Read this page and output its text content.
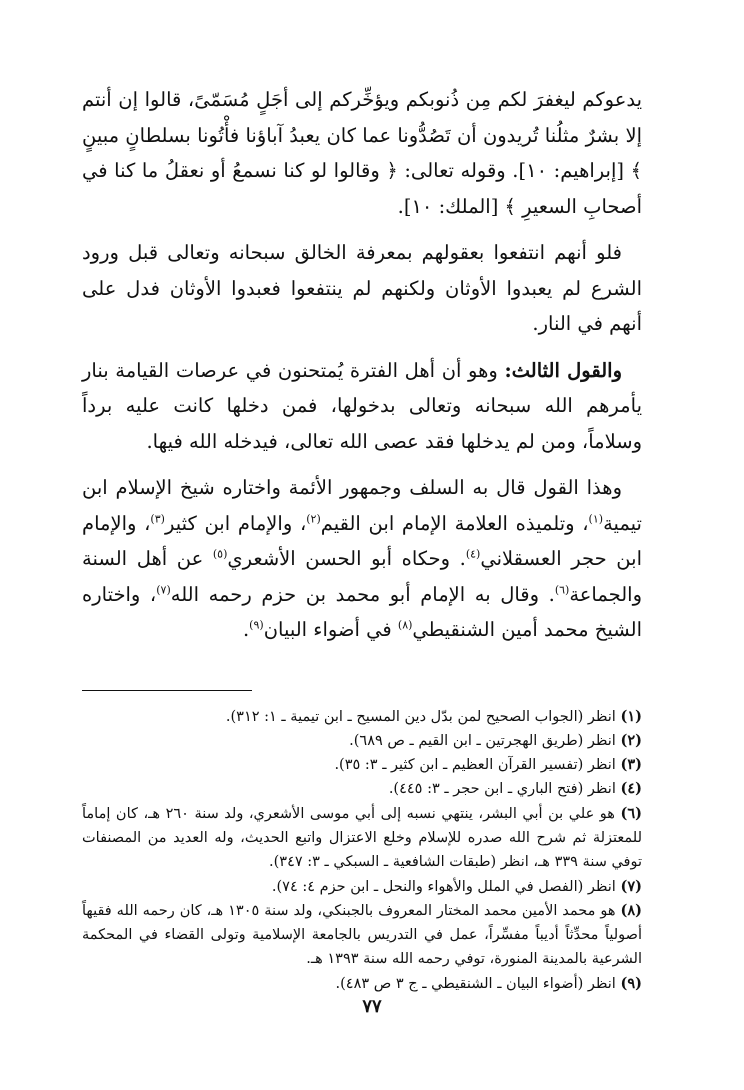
يدعوكم ليغفرَ لكم مِن ذُنوبكم ويؤخِّركم إلى أجَلٍ مُسَمّىً، قالوا إن أنتم إلا بشرٌ مثلُنا تُريدون أن تَصُدُّونا عما كان يعبدُ آباؤنا فأْتُونا بسلطانٍ مبينٍ ﴾ [إبراهيم: ١٠]. وقوله تعالى: ﴿ وقالوا لو كنا نسمعُ أو نعقلُ ما كنا في أصحابِ السعيرِ ﴾ [الملك: ١٠].

فلو أنهم انتفعوا بعقولهم بمعرفة الخالق سبحانه وتعالى قبل ورود الشرع لم يعبدوا الأوثان ولكنهم لم ينتفعوا فعبدوا الأوثان فدل على أنهم في النار.

والقول الثالث: وهو أن أهل الفترة يُمتحنون في عرصات القيامة بنار يأمرهم الله سبحانه وتعالى بدخولها، فمن دخلها كانت عليه برداً وسلاماً، ومن لم يدخلها فقد عصى الله تعالى، فيدخله الله فيها.

وهذا القول قال به السلف وجمهور الأئمة واختاره شيخ الإسلام ابن تيمية$^{(١)}$، وتلميذه العلامة الإمام ابن القيم$^{(٢)}$، والإمام ابن كثير$^{(٣)}$، والإمام ابن حجر العسقلاني$^{(٤)}$. وحكاه أبو الحسن الأشعري$^{(٥)}$ عن أهل السنة والجماعة$^{(٦)}$. وقال به الإمام أبو محمد بن حزم رحمه الله$^{(٧)}$، واختاره الشيخ محمد أمين الشنقيطي$^{(٨)}$ في أضواء البيان$^{(٩)}$.

(١) انظر (الجواب الصحيح لمن بدّل دين المسيح ـ ابن تيمية ـ ١: ٣١٢).

(٢) انظر (طريق الهجرتين ـ ابن القيم ـ ص ٦٨٩).

(٣) انظر (تفسير القرآن العظيم ـ ابن كثير ـ ٣: ٣٥).

(٤) انظر (فتح الباري ـ ابن حجر ـ ٣: ٤٤٥).

(٦) هو علي بن أبي البشر، ينتهي نسبه إلى أبي موسى الأشعري، ولد سنة ٢٦٠ هـ، كان إماماً للمعتزلة ثم شرح الله صدره للإسلام وخلع الاعتزال واتبع الحديث، وله العديد من المصنفات توفي سنة ٣٣٩ هـ، انظر (طبقات الشافعية ـ السبكي ـ ٣: ٣٤٧).

(٧) انظر (الفصل في الملل والأهواء والنحل ـ ابن حزم ٤: ٧٤).

(٨) هو محمد الأمين محمد المختار المعروف بالجبنكي، ولد سنة ١٣٠٥ هـ، كان رحمه الله فقيهاً أصولياً محدِّثاً أديباً مفسِّراً، عمل في التدريس بالجامعة الإسلامية وتولى القضاء في المحكمة الشرعية بالمدينة المنورة، توفي رحمه الله سنة ١٣٩٣ هـ.

(٩) انظر (أضواء البيان ـ الشنقيطي ـ ج ٣ ص ٤٨٣).

٧٧
